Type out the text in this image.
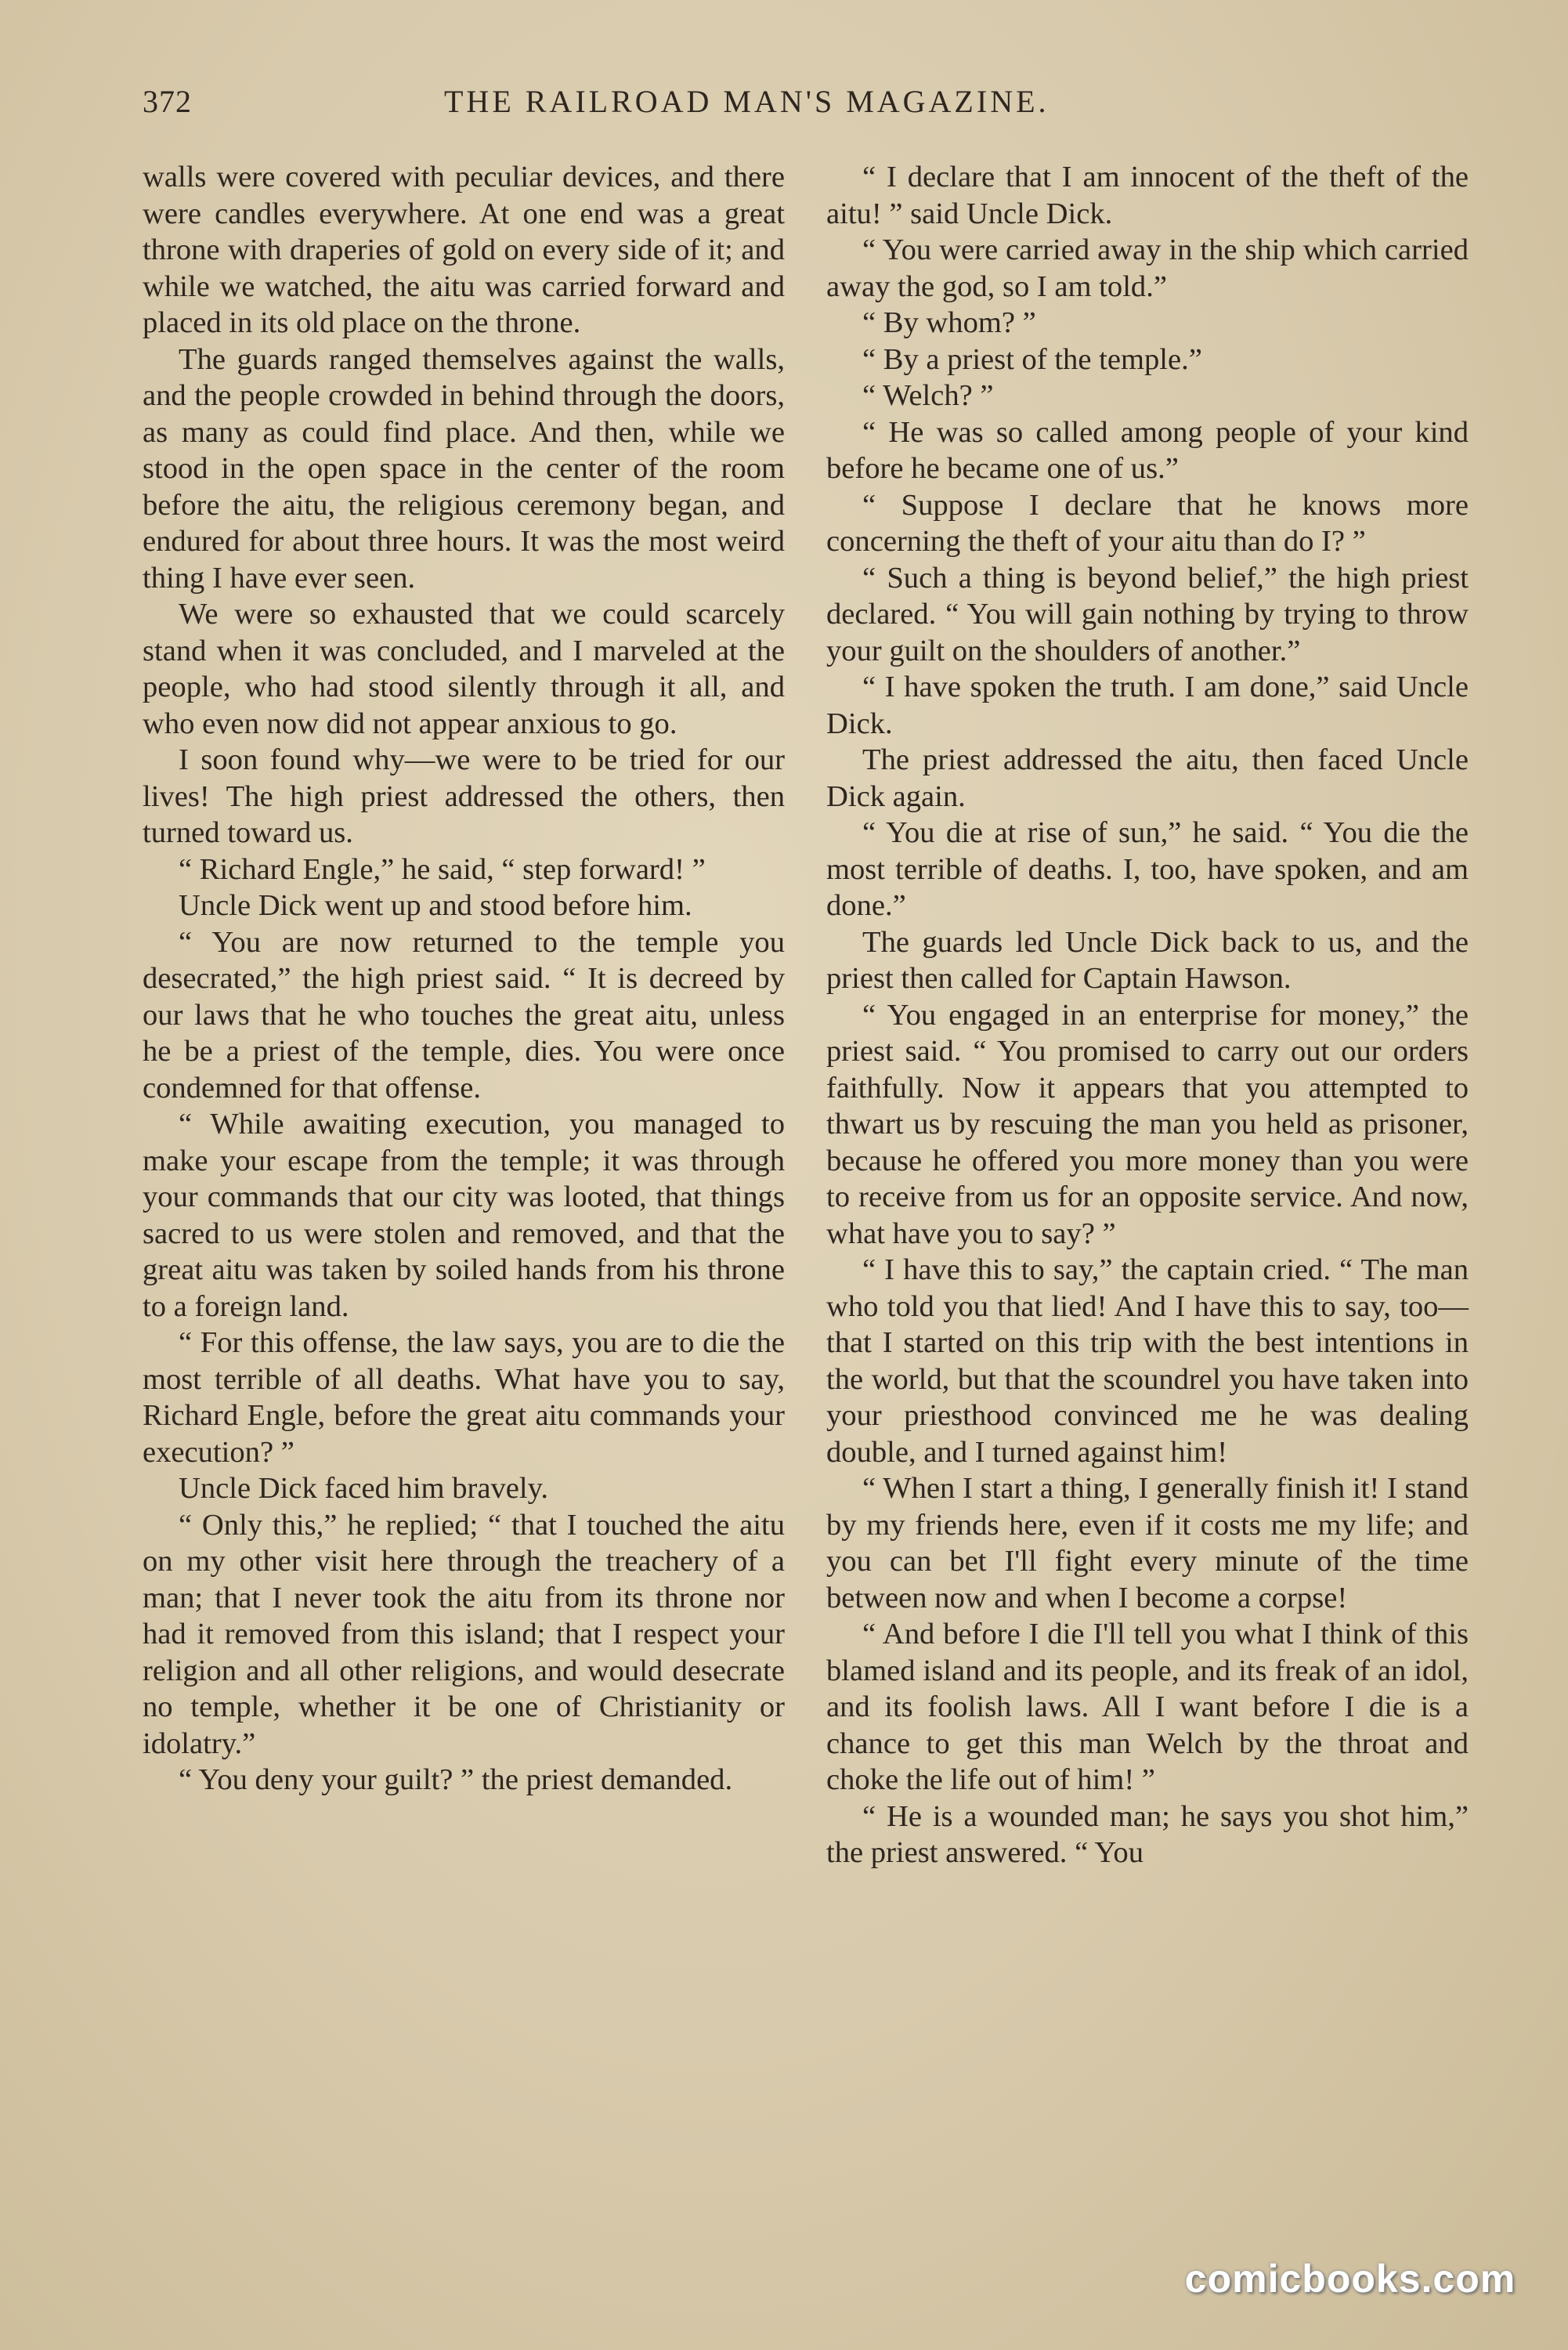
372	THE RAILROAD MAN'S MAGAZINE.

walls were covered with peculiar devices, and there were candles everywhere. At one end was a great throne with draperies of gold on every side of it; and while we watched, the aitu was carried forward and placed in its old place on the throne.

The guards ranged themselves against the walls, and the people crowded in behind through the doors, as many as could find place. And then, while we stood in the open space in the center of the room before the aitu, the religious ceremony began, and endured for about three hours. It was the most weird thing I have ever seen.

We were so exhausted that we could scarcely stand when it was concluded, and I marveled at the people, who had stood silently through it all, and who even now did not appear anxious to go.

I soon found why—we were to be tried for our lives! The high priest addressed the others, then turned toward us.

“ Richard Engle,” he said, “ step forward! ”

Uncle Dick went up and stood before him.

“ You are now returned to the temple you desecrated,” the high priest said. “ It is decreed by our laws that he who touches the great aitu, unless he be a priest of the temple, dies. You were once condemned for that offense.

“ While awaiting execution, you managed to make your escape from the temple; it was through your commands that our city was looted, that things sacred to us were stolen and removed, and that the great aitu was taken by soiled hands from his throne to a foreign land.

“ For this offense, the law says, you are to die the most terrible of all deaths. What have you to say, Richard Engle, before the great aitu commands your execution? ”

Uncle Dick faced him bravely.

“ Only this,” he replied; “ that I touched the aitu on my other visit here through the treachery of a man; that I never took the aitu from its throne nor had it removed from this island; that I respect your religion and all other religions, and would desecrate no temple, whether it be one of Christianity or idolatry.”

“ You deny your guilt? ” the priest demanded.

“ I declare that I am innocent of the theft of the aitu! ” said Uncle Dick.

“ You were carried away in the ship which carried away the god, so I am told.”

“ By whom? ”

“ By a priest of the temple.”

“ Welch? ”

“ He was so called among people of your kind before he became one of us.”

“ Suppose I declare that he knows more concerning the theft of your aitu than do I? ”

“ Such a thing is beyond belief,” the high priest declared. “ You will gain nothing by trying to throw your guilt on the shoulders of another.”

“ I have spoken the truth. I am done,” said Uncle Dick.

The priest addressed the aitu, then faced Uncle Dick again.

“ You die at rise of sun,” he said. “ You die the most terrible of deaths. I, too, have spoken, and am done.”

The guards led Uncle Dick back to us, and the priest then called for Captain Hawson.

“ You engaged in an enterprise for money,” the priest said. “ You promised to carry out our orders faithfully. Now it appears that you attempted to thwart us by rescuing the man you held as prisoner, because he offered you more money than you were to receive from us for an opposite service. And now, what have you to say? ”

“ I have this to say,” the captain cried. “ The man who told you that lied! And I have this to say, too—that I started on this trip with the best intentions in the world, but that the scoundrel you have taken into your priesthood convinced me he was dealing double, and I turned against him!

“ When I start a thing, I generally finish it! I stand by my friends here, even if it costs me my life; and you can bet I'll fight every minute of the time between now and when I become a corpse!

“ And before I die I'll tell you what I think of this blamed island and its people, and its freak of an idol, and its foolish laws. All I want before I die is a chance to get this man Welch by the throat and choke the life out of him! ”

“ He is a wounded man; he says you shot him,” the priest answered. “ You

comicbooks.com
